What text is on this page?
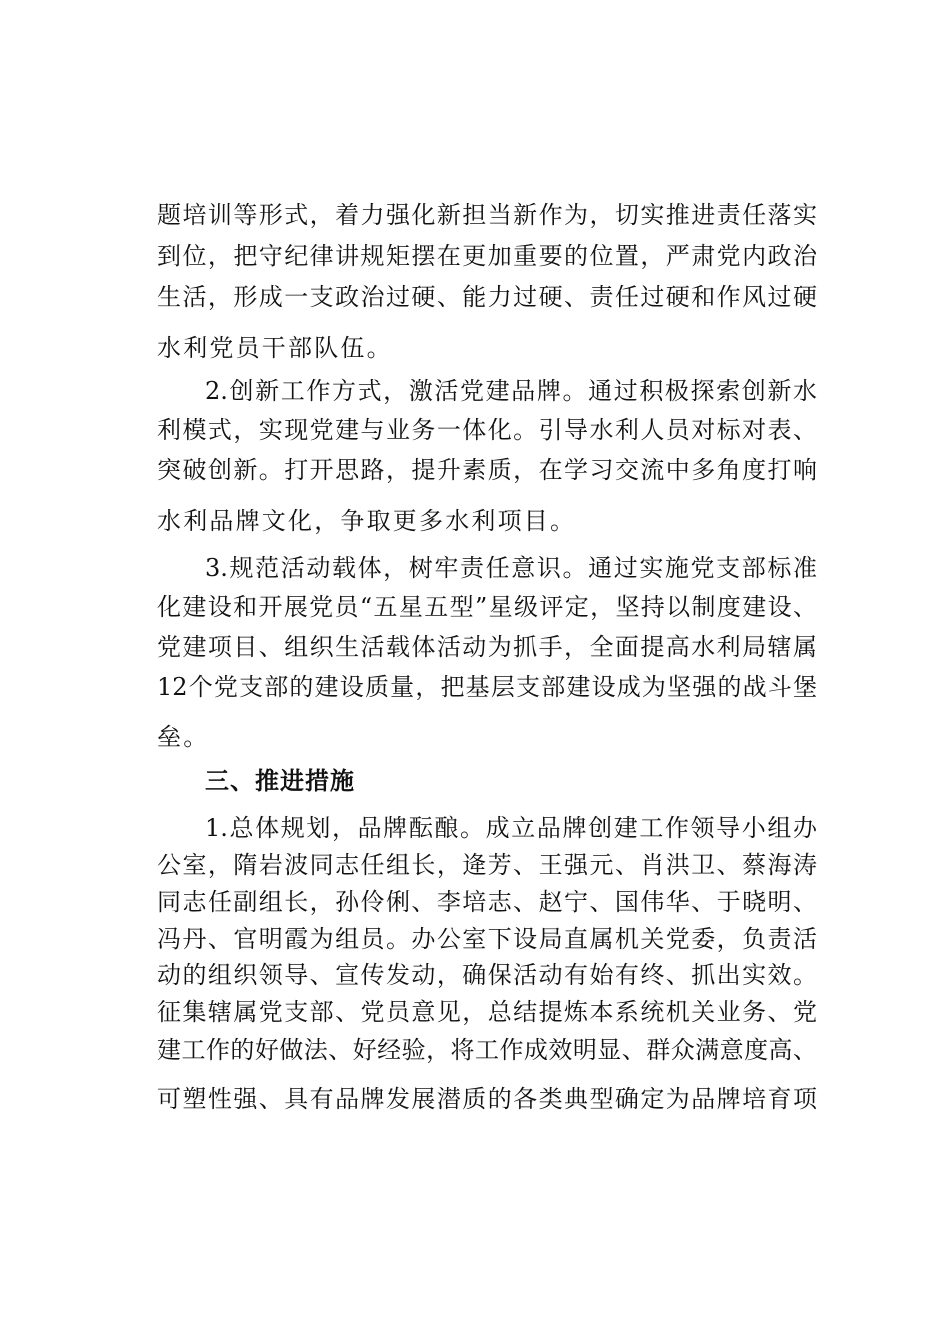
题培训等形式，着力强化新担当新作为，切实推进责任落实
到位，把守纪律讲规矩摆在更加重要的位置，严肃党内政治
生活，形成一支政治过硬、能力过硬、责任过硬和作风过硬
水利党员干部队伍。
2.创新工作方式，激活党建品牌。通过积极探索创新水
利模式，实现党建与业务一体化。引导水利人员对标对表、
突破创新。打开思路，提升素质，在学习交流中多角度打响
水利品牌文化，争取更多水利项目。
3.规范活动载体，树牢责任意识。通过实施党支部标准
化建设和开展党员“五星五型”星级评定，坚持以制度建设、
党建项目、组织生活载体活动为抓手，全面提高水利局辖属
12个党支部的建设质量，把基层支部建设成为坚强的战斗堡
垒。
三、推进措施
1.总体规划，品牌酝酿。成立品牌创建工作领导小组办
公室，隋岩波同志任组长，逄芳、王强元、肖洪卫、蔡海涛
同志任副组长，孙伶俐、李培志、赵宁、国伟华、于晓明、
冯丹、官明霞为组员。办公室下设局直属机关党委，负责活
动的组织领导、宣传发动，确保活动有始有终、抓出实效。
征集辖属党支部、党员意见，总结提炼本系统机关业务、党
建工作的好做法、好经验，将工作成效明显、群众满意度高、
可塑性强、具有品牌发展潜质的各类典型确定为品牌培育项
